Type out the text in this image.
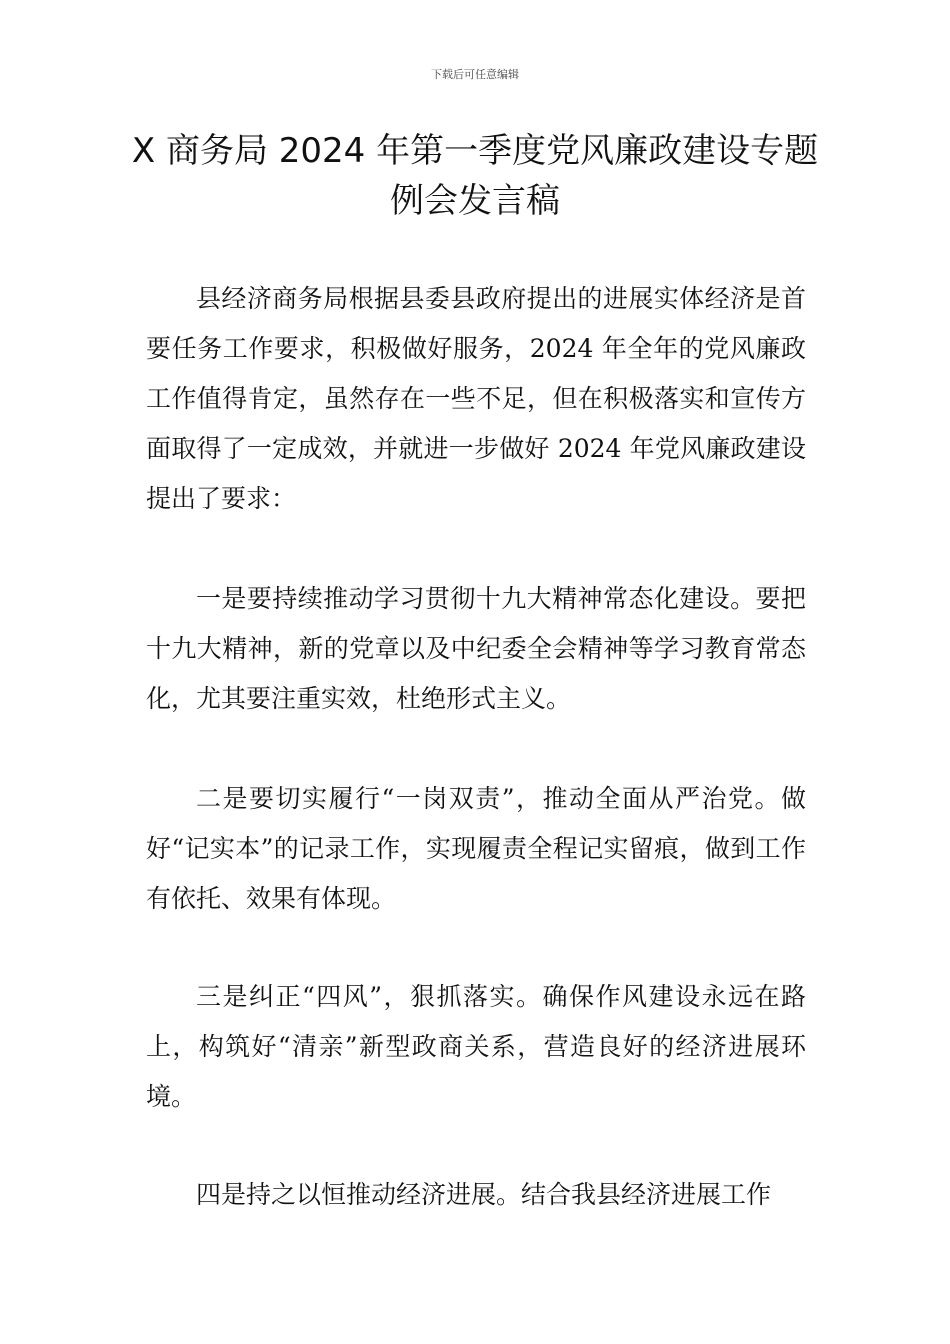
下载后可任意编辑
X 商务局 2024 年第一季度党风廉政建设专题例会发言稿

县经济商务局根据县委县政府提出的进展实体经济是首要任务工作要求，积极做好服务，2024 年全年的党风廉政工作值得肯定，虽然存在一些不足，但在积极落实和宣传方面取得了一定成效，并就进一步做好 2024 年党风廉政建设提出了要求：

一是要持续推动学习贯彻十九大精神常态化建设。要把十九大精神，新的党章以及中纪委全会精神等学习教育常态化，尤其要注重实效，杜绝形式主义。

二是要切实履行“一岗双责”，推动全面从严治党。做好“记实本”的记录工作，实现履责全程记实留痕，做到工作有依托、效果有体现。

三是纠正“四风”，狠抓落实。确保作风建设永远在路上，构筑好“清亲”新型政商关系，营造良好的经济进展环境。

四是持之以恒推动经济进展。结合我县经济进展工作
